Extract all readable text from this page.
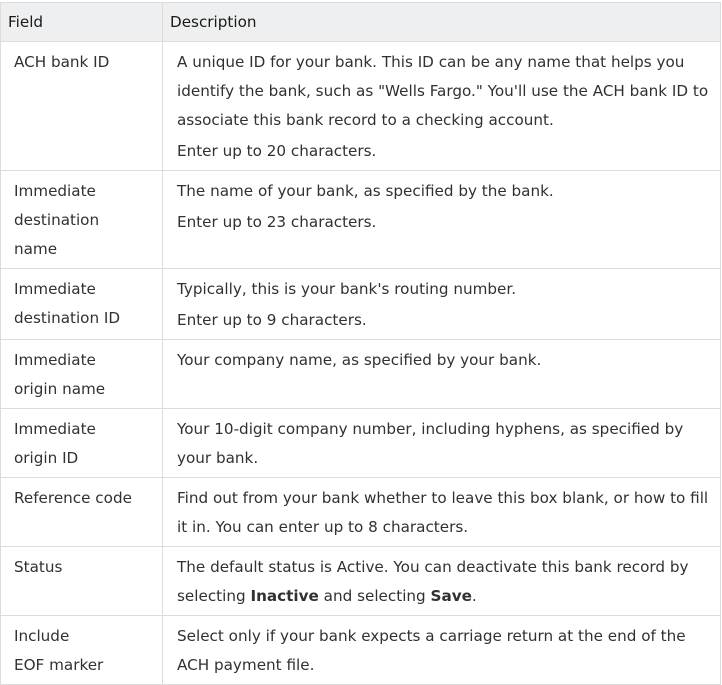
Field	Description

ACH bank ID	A unique ID for your bank. This ID can be any name that helps you identify the bank, such as "Wells Fargo." You'll use the ACH bank ID to associate this bank record to a checking account.
Enter up to 20 characters.

Immediate
destination
name	The name of your bank, as specified by the bank.
Enter up to 23 characters.

Immediate
destination ID	Typically, this is your bank's routing number.
Enter up to 9 characters.

Immediate
origin name	Your company name, as specified by your bank.

Immediate
origin ID	Your 10-digit company number, including hyphens, as specified by your bank.

Reference code	Find out from your bank whether to leave this box blank, or how to fill it in. You can enter up to 8 characters.

Status	The default status is Active. You can deactivate this bank record by selecting Inactive and selecting Save.

Include
EOF marker	Select only if your bank expects a carriage return at the end of the ACH payment file.
